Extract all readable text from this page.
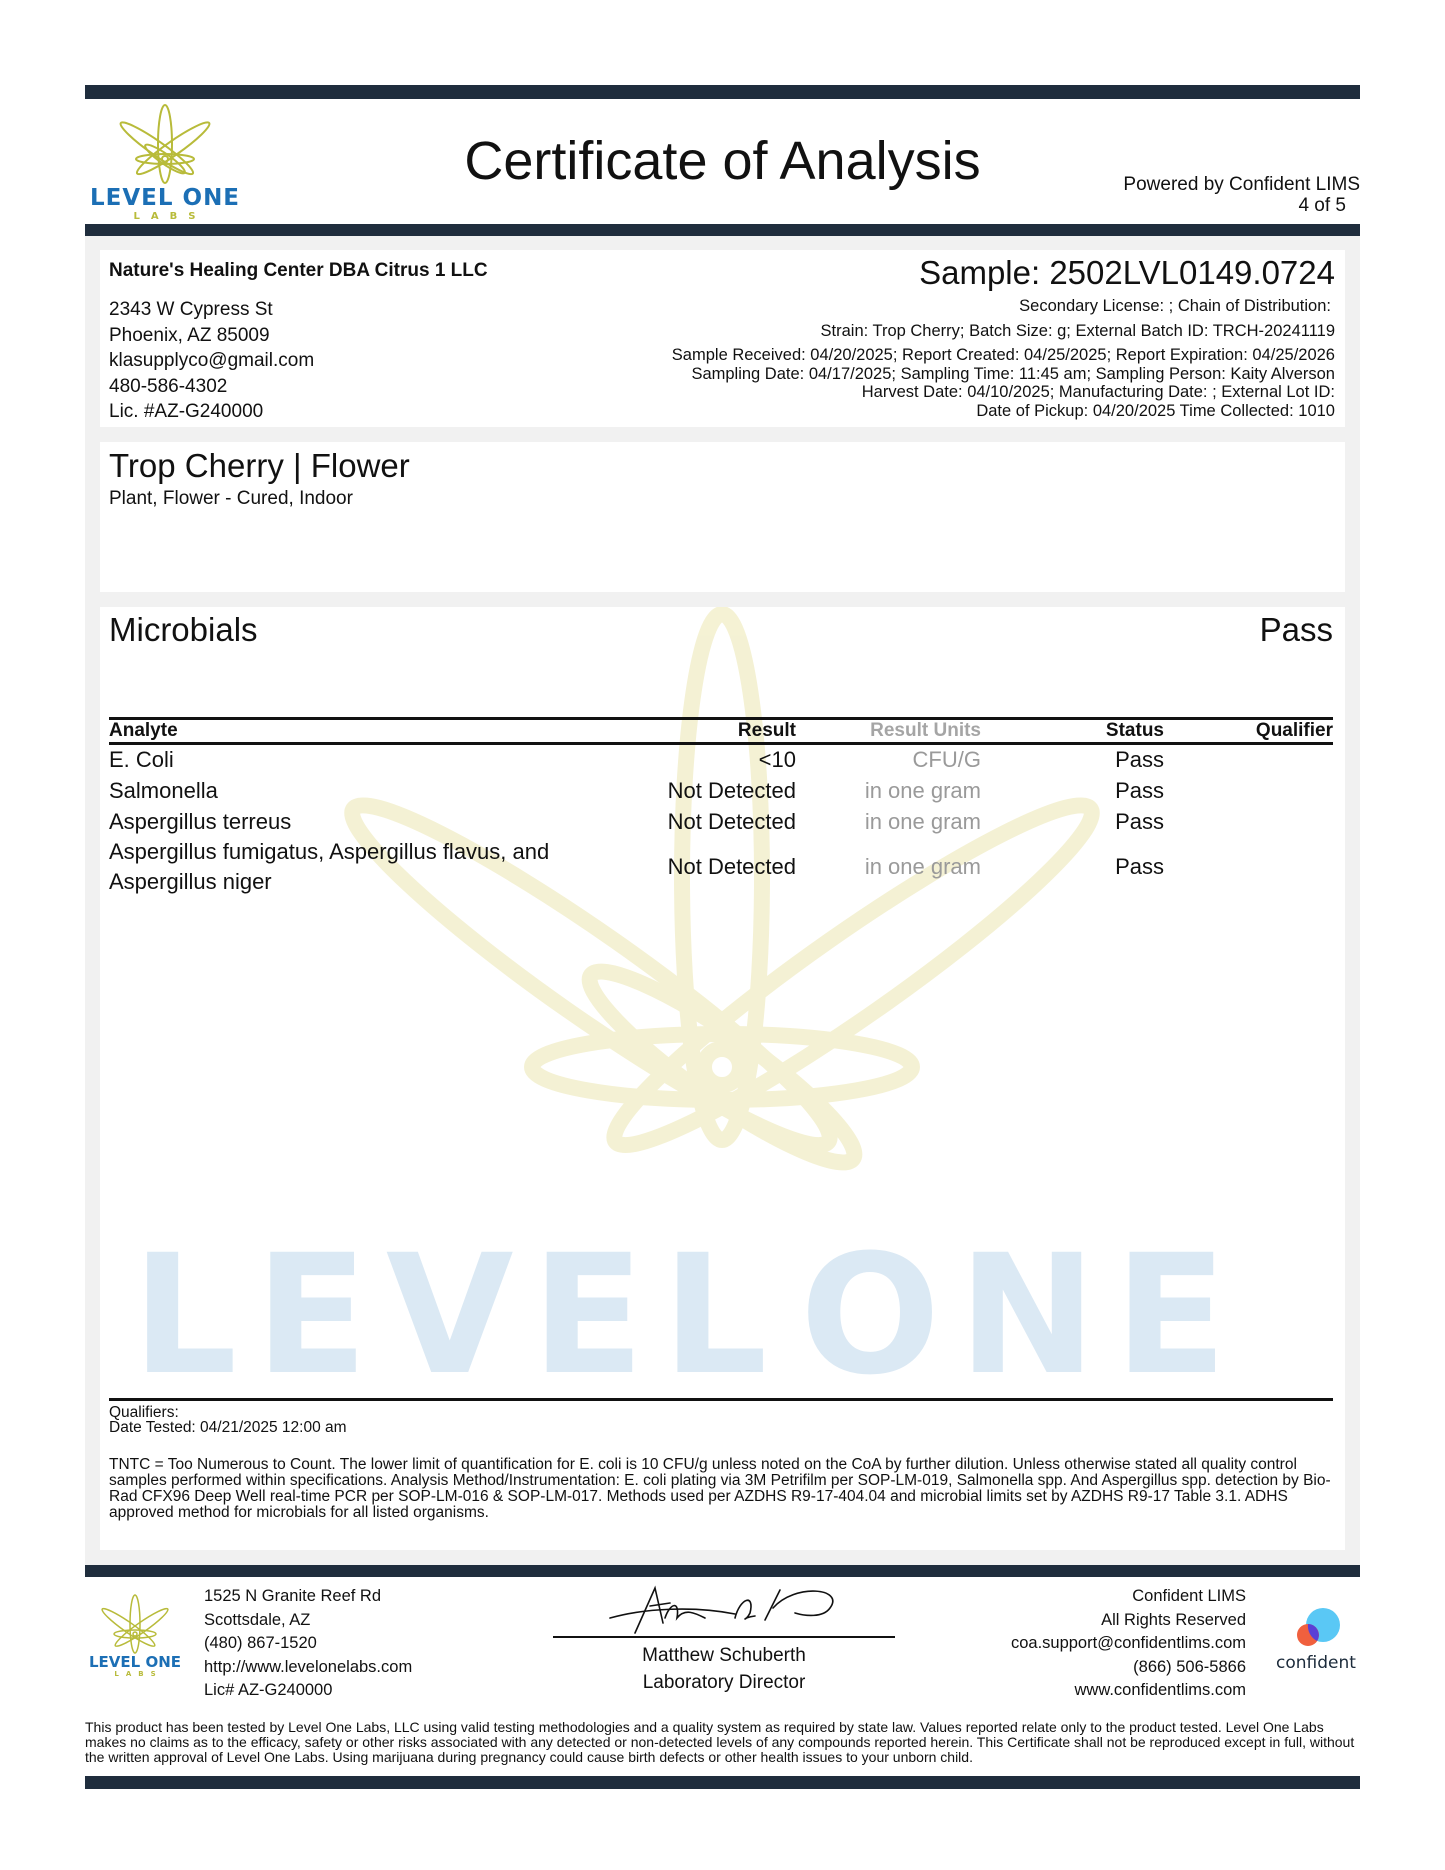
LEVEL ONE
LABS
Certificate of Analysis	Powered by Confident LIMS
4 of 5
Nature's Healing Center DBA Citrus 1 LLC
2343 W Cypress St
Phoenix, AZ 85009
klasupplyco@gmail.com
480-586-4302
Lic. #AZ-G240000
Sample: 2502LVL0149.0724
Secondary License: ; Chain of Distribution:
Strain: Trop Cherry; Batch Size: g; External Batch ID: TRCH-20241119
Sample Received: 04/20/2025; Report Created: 04/25/2025; Report Expiration: 04/25/2026
Sampling Date: 04/17/2025; Sampling Time: 11:45 am; Sampling Person: Kaity Alverson
Harvest Date: 04/10/2025; Manufacturing Date: ; External Lot ID:
Date of Pickup: 04/20/2025 Time Collected: 1010
Trop Cherry | Flower
Plant, Flower - Cured, Indoor
LEVEL ONE
Microbials	Pass
Analyte	Result	Result Units	Status	Qualifier
E. Coli	<10	CFU/G	Pass	
Salmonella	Not Detected	in one gram	Pass	
Aspergillus terreus	Not Detected	in one gram	Pass	
Aspergillus fumigatus, Aspergillus flavus, and Aspergillus niger	Not Detected	in one gram	Pass	
Qualifiers:
Date Tested: 04/21/2025 12:00 am
TNTC = Too Numerous to Count. The lower limit of quantification for E. coli is 10 CFU/g unless noted on the CoA by further dilution. Unless otherwise stated all quality control samples performed within specifications. Analysis Method/Instrumentation: E. coli plating via 3M Petrifilm per SOP-LM-019, Salmonella spp. And Aspergillus spp. detection by Bio-Rad CFX96 Deep Well real-time PCR per SOP-LM-016 & SOP-LM-017. Methods used per AZDHS R9-17-404.04 and microbial limits set by AZDHS R9-17 Table 3.1. ADHS approved method for microbials for all listed organisms.
LEVEL ONE
LABS
1525 N Granite Reef Rd
Scottsdale, AZ
(480) 867-1520
http://www.levelonelabs.com
Lic# AZ-G240000
Matthew Schuberth
Laboratory Director
Confident LIMS
All Rights Reserved
coa.support@confidentlims.com
(866) 506-5866
www.confidentlims.com
confident
This product has been tested by Level One Labs, LLC using valid testing methodologies and a quality system as required by state law. Values reported relate only to the product tested. Level One Labs makes no claims as to the efficacy, safety or other risks associated with any detected or non-detected levels of any compounds reported herein. This Certificate shall not be reproduced except in full, without the written approval of Level One Labs. Using marijuana during pregnancy could cause birth defects or other health issues to your unborn child.
